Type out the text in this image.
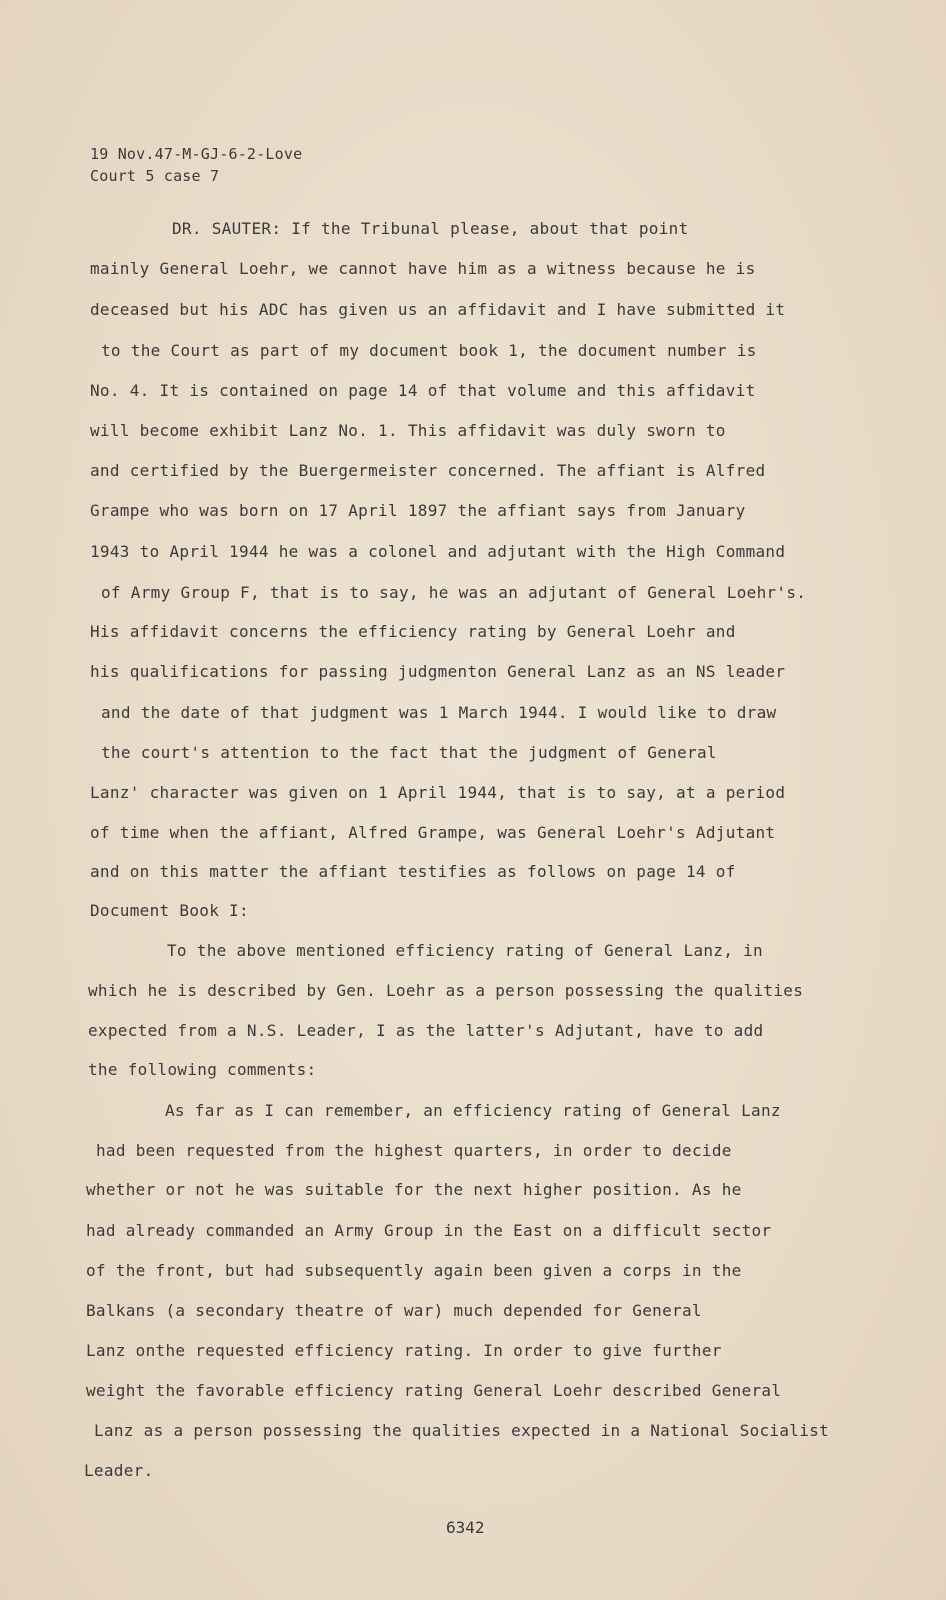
19 Nov.47-M-GJ-6-2-Love
Court 5 case 7
DR. SAUTER: If the Tribunal please, about that point
mainly General Loehr, we cannot have him as a witness because he is
deceased but his ADC has given us an affidavit and I have submitted it
to the Court as part of my document book 1, the document number is
No. 4. It is contained on page 14 of that volume and this affidavit
will become exhibit Lanz No. 1. This affidavit was duly sworn to
and certified by the Buergermeister concerned. The affiant is Alfred
Grampe who was born on 17 April 1897 the affiant says from January
1943 to April 1944 he was a colonel and adjutant with the High Command
of Army Group F, that is to say, he was an adjutant of General Loehr's.
His affidavit concerns the efficiency rating by General Loehr and
his qualifications for passing judgmenton General Lanz as an NS leader
and the date of that judgment was 1 March 1944. I would like to draw
the court's attention to the fact that the judgment of General
Lanz' character was given on 1 April 1944, that is to say, at a period
of time when the affiant, Alfred Grampe, was General Loehr's Adjutant
and on this matter the affiant testifies as follows on page 14 of
Document Book I:
To the above mentioned efficiency rating of General Lanz, in
which he is described by Gen. Loehr as a person possessing the qualities
expected from a N.S. Leader, I as the latter's Adjutant, have to add
the following comments:
As far as I can remember, an efficiency rating of General Lanz
had been requested from the highest quarters, in order to decide
whether or not he was suitable for the next higher position. As he
had already commanded an Army Group in the East on a difficult sector
of the front, but had subsequently again been given a corps in the
Balkans (a secondary theatre of war) much depended for General
Lanz onthe requested efficiency rating. In order to give further
weight the favorable efficiency rating General Loehr described General
Lanz as a person possessing the qualities expected in a National Socialist
Leader.
6342
